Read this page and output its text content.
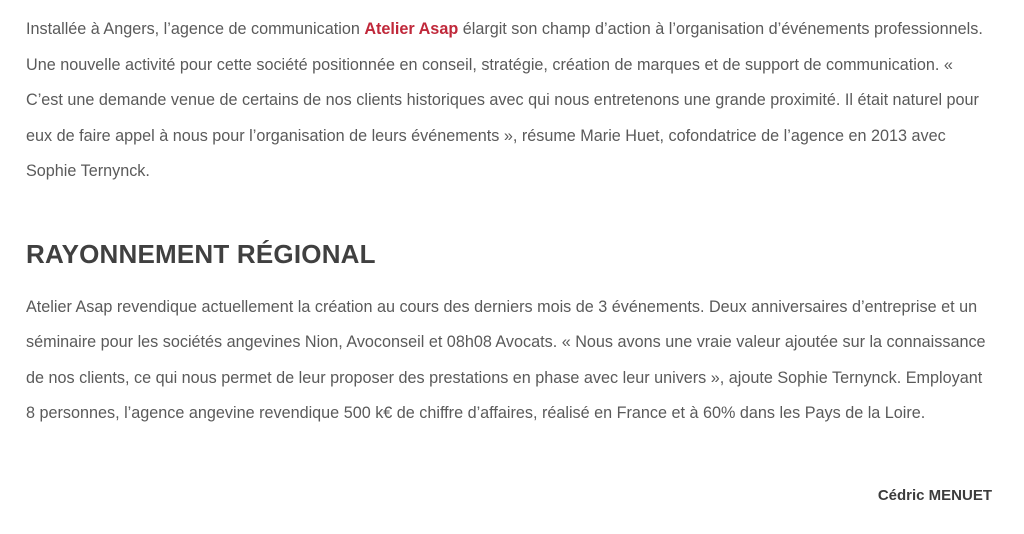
Installée à Angers, l’agence de communication Atelier Asap élargit son champ d’action à l’organisation d’événements professionnels. Une nouvelle activité pour cette société positionnée en conseil, stratégie, création de marques et de support de communication. « C’est une demande venue de certains de nos clients historiques avec qui nous entretenons une grande proximité. Il était naturel pour eux de faire appel à nous pour l’organisation de leurs événements », résume Marie Huet, cofondatrice de l’agence en 2013 avec Sophie Ternynck.

RAYONNEMENT RÉGIONAL

Atelier Asap revendique actuellement la création au cours des derniers mois de 3 événements. Deux anniversaires d’entreprise et un séminaire pour les sociétés angevines Nion, Avoconseil et 08h08 Avocats. « Nous avons une vraie valeur ajoutée sur la connaissance de nos clients, ce qui nous permet de leur proposer des prestations en phase avec leur univers », ajoute Sophie Ternynck. Employant 8 personnes, l’agence angevine revendique 500 k€ de chiffre d’affaires, réalisé en France et à 60% dans les Pays de la Loire.

Cédric MENUET
